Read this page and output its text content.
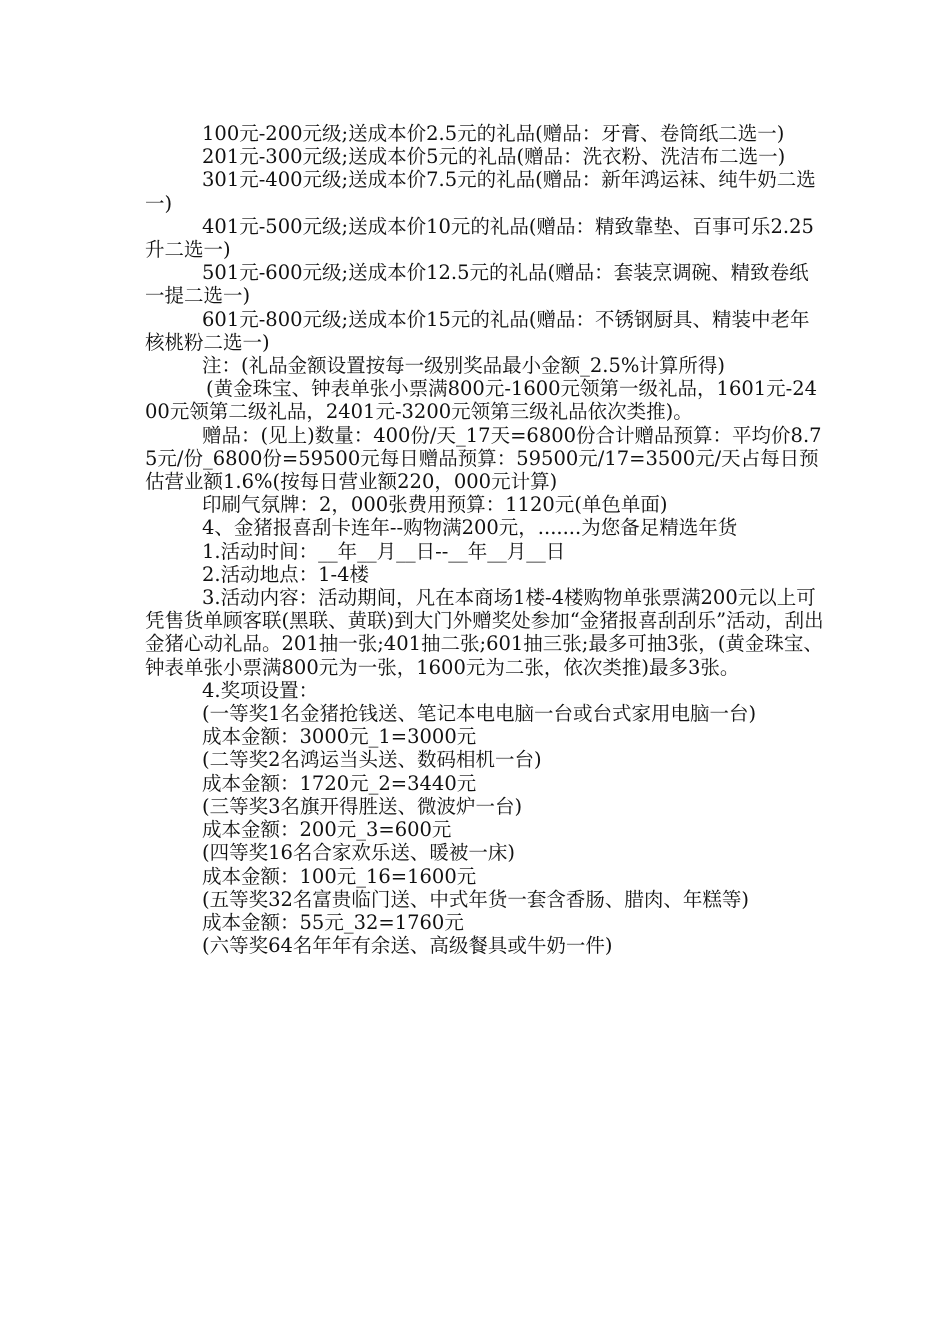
100元-200元级;送成本价2.5元的礼品(赠品：牙膏、卷筒纸二选一)

201元-300元级;送成本价5元的礼品(赠品：洗衣粉、洗洁布二选一)

301元-400元级;送成本价7.5元的礼品(赠品：新年鸿运袜、纯牛奶二选一)

401元-500元级;送成本价10元的礼品(赠品：精致靠垫、百事可乐2.25升二选一)

501元-600元级;送成本价12.5元的礼品(赠品：套装烹调碗、精致卷纸一提二选一)

601元-800元级;送成本价15元的礼品(赠品：不锈钢厨具、精装中老年核桃粉二选一)

注：(礼品金额设置按每一级别奖品最小金额_2.5%计算所得)

(黄金珠宝、钟表单张小票满800元-1600元领第一级礼品，1601元-2400元领第二级礼品，2401元-3200元领第三级礼品依次类推)。

赠品：(见上)数量：400份/天_17天=6800份合计赠品预算：平均价8.75元/份_6800份=59500元每日赠品预算：59500元/17=3500元/天占每日预估营业额1.6%(按每日营业额220，000元计算)

印刷气氛牌：2，000张费用预算：1120元(单色单面)

4、金猪报喜刮卡连年--购物满200元，.......为您备足精选年货

1.活动时间：__年__月__日--__年__月__日

2.活动地点：1-4楼

3.活动内容：活动期间，凡在本商场1楼-4楼购物单张票满200元以上可凭售货单顾客联(黑联、黄联)到大门外赠奖处参加“金猪报喜刮刮乐”活动，刮出金猪心动礼品。201抽一张;401抽二张;601抽三张;最多可抽3张，(黄金珠宝、钟表单张小票满800元为一张，1600元为二张，依次类推)最多3张。

4.奖项设置：

(一等奖1名金猪抢钱送、笔记本电电脑一台或台式家用电脑一台)

成本金额：3000元_1=3000元

(二等奖2名鸿运当头送、数码相机一台)

成本金额：1720元_2=3440元

(三等奖3名旗开得胜送、微波炉一台)

成本金额：200元_3=600元

(四等奖16名合家欢乐送、暖被一床)

成本金额：100元_16=1600元

(五等奖32名富贵临门送、中式年货一套含香肠、腊肉、年糕等)

成本金额：55元_32=1760元

(六等奖64名年年有余送、高级餐具或牛奶一件)
